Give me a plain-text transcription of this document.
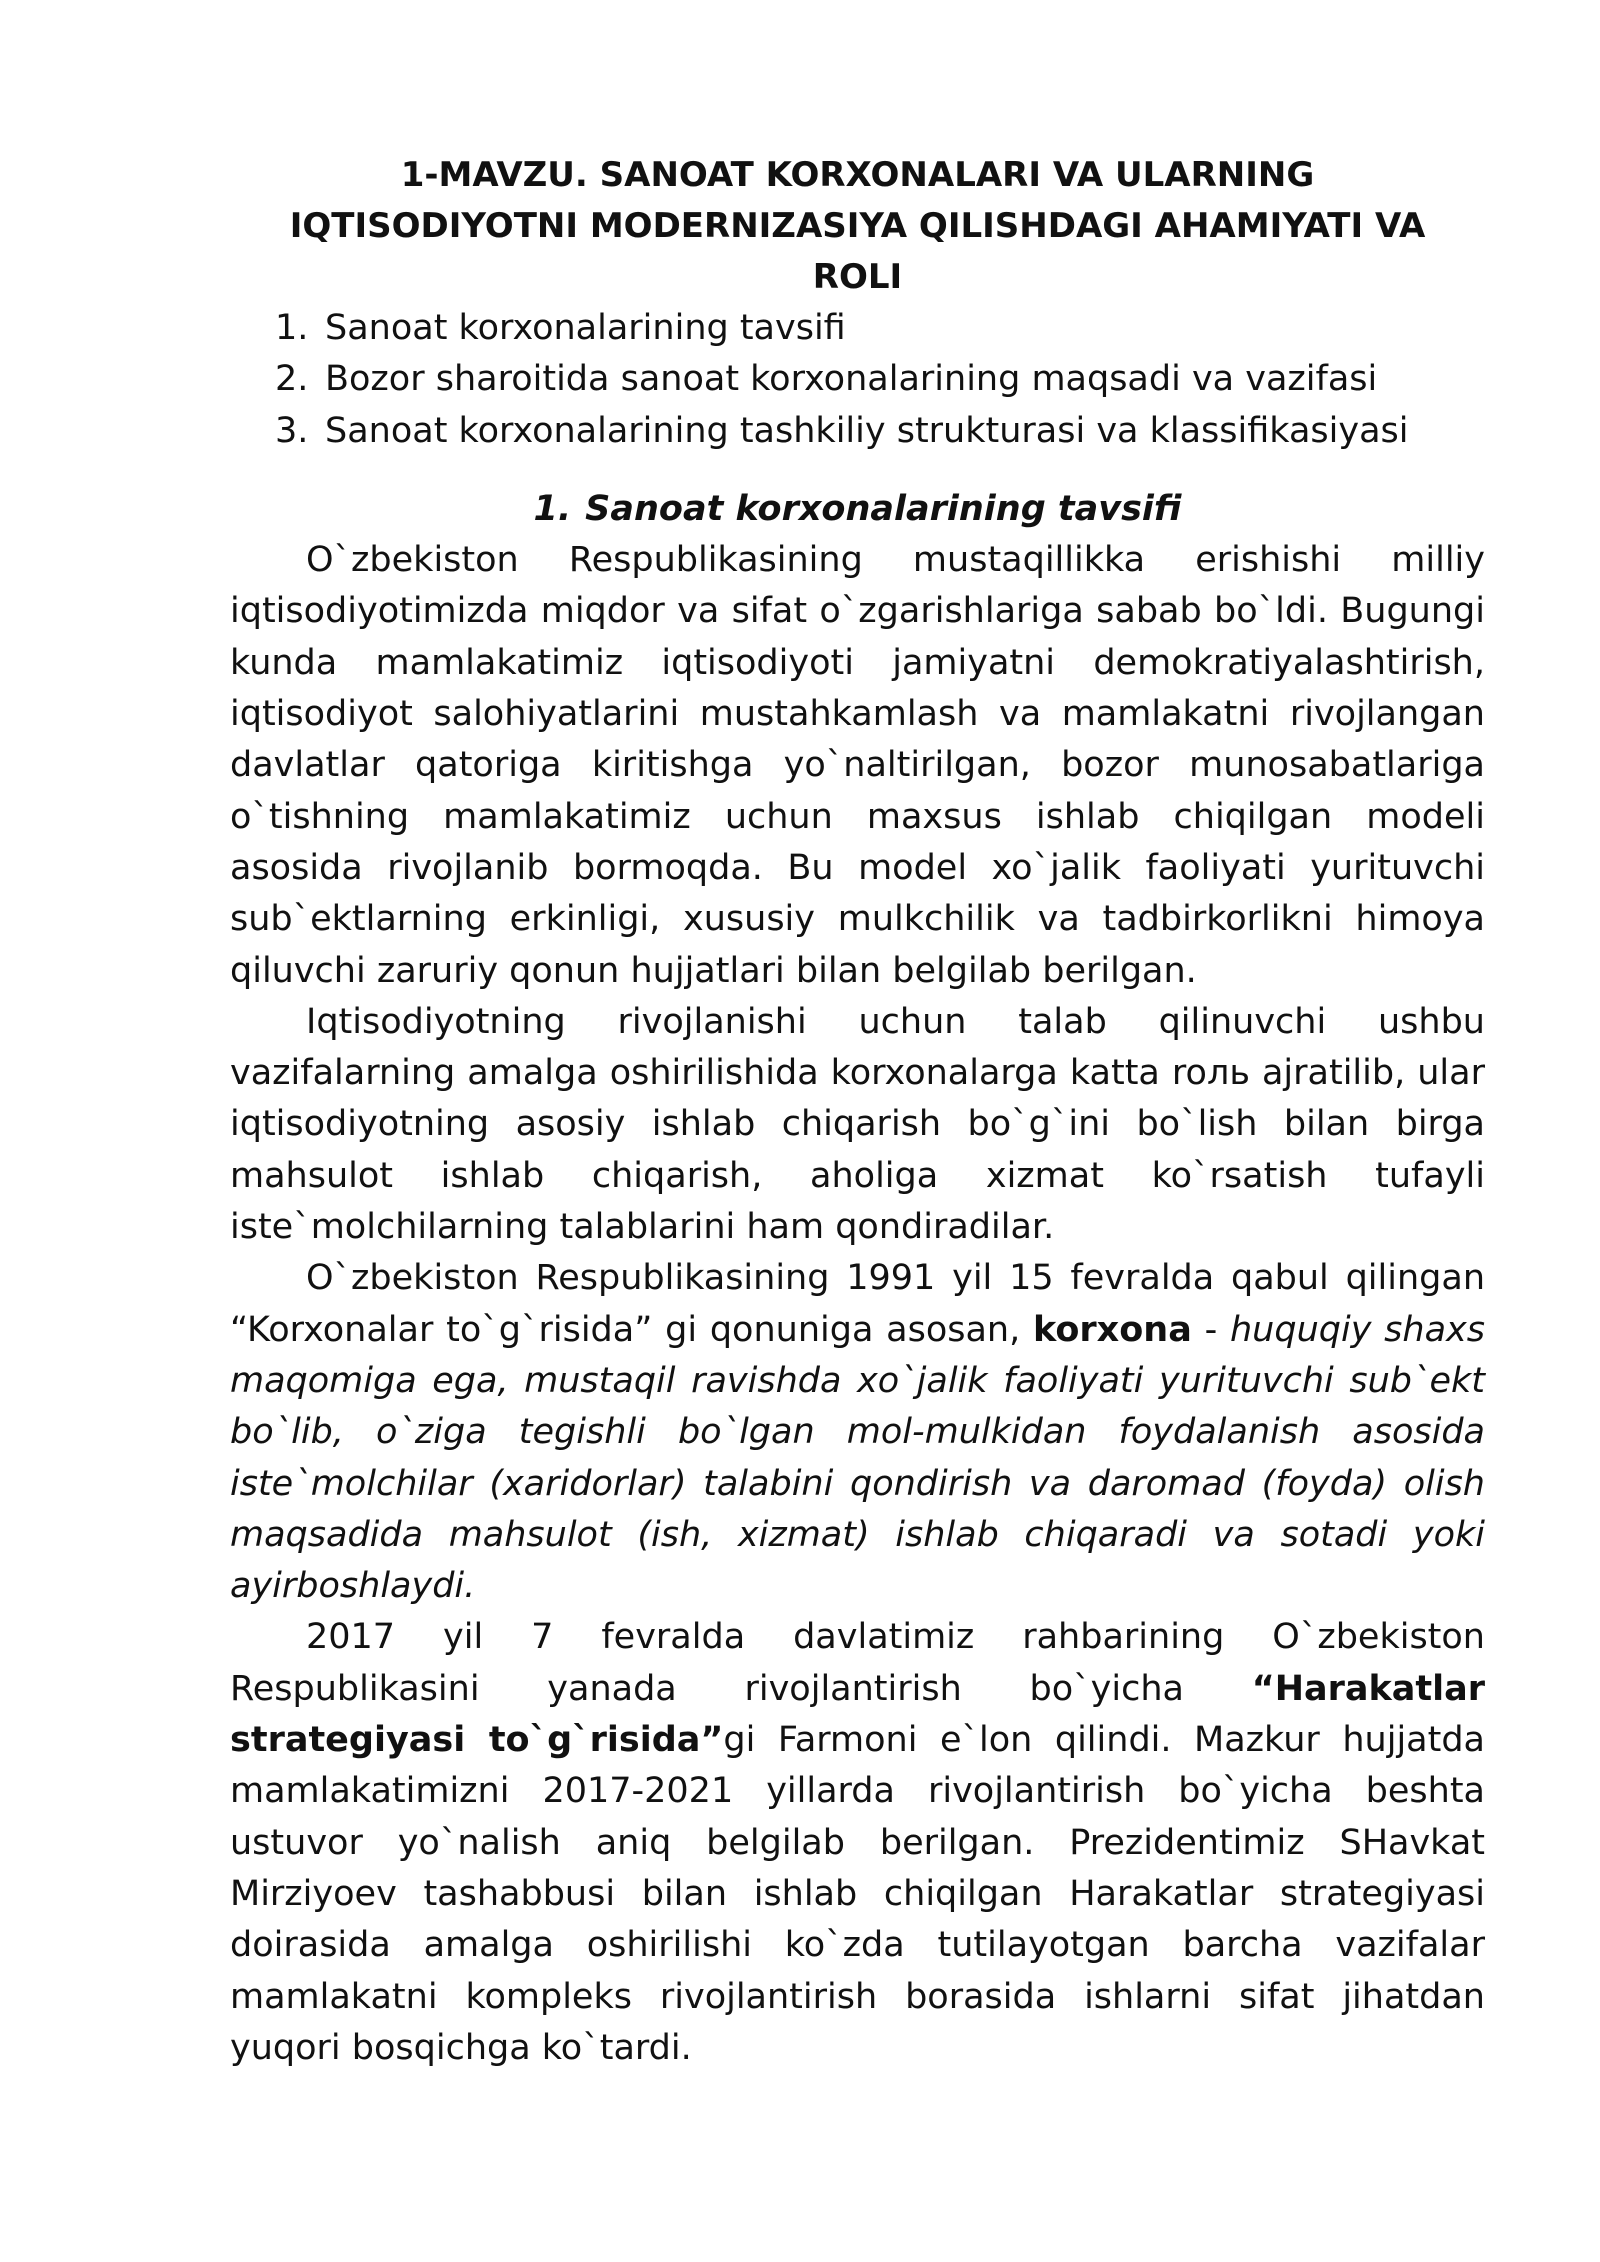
1-MAVZU. SANOAT KORXONALARI VA ULARNING IQTISODIYOTNI MODERNIZASIYA QILISHDAGI AHAMIYATI VA ROLI
1. Sanoat korxonalarining tavsifi
2. Bozor sharoitida sanoat korxonalarining maqsadi va vazifasi
3. Sanoat korxonalarining tashkiliy strukturasi va klassifikasiyasi
1. Sanoat korxonalarining tavsifi

O`zbekiston Respublikasining mustaqillikka erishishi milliy iqtisodiyotimizda miqdor va sifat o`zgarishlariga sabab bo`ldi. Bugungi kunda mamlakatimiz iqtisodiyoti jamiyatni demokratiyalashtirish, iqtisodiyot salohiyatlarini mustahkamlash va mamlakatni rivojlangan davlatlar qatoriga kiritishga yo`naltirilgan, bozor munosabatlariga o`tishning mamlakatimiz uchun maxsus ishlab chiqilgan modeli asosida rivojlanib bormoqda. Bu model xo`jalik faoliyati yurituvchi sub`ektlarning erkinligi, xususiy mulkchilik va tadbirkorlikni himoya qiluvchi zaruriy qonun hujjatlari bilan belgilab berilgan.

Iqtisodiyotning rivojlanishi uchun talab qilinuvchi ushbu vazifalarning amalga oshirilishida korxonalarga katta roль ajratilib, ular iqtisodiyotning asosiy ishlab chiqarish bo`g`ini bo`lish bilan birga mahsulot ishlab chiqarish, aholiga xizmat ko`rsatish tufayli iste`molchilarning talablarini ham qondiradilar.

O`zbekiston Respublikasining 1991 yil 15 fevralda qabul qilingan “Korxonalar to`g`risida” gi qonuniga asosan, korxona - huquqiy shaxs maqomiga ega, mustaqil ravishda xo`jalik faoliyati yurituvchi sub`ekt bo`lib, o`ziga tegishli bo`lgan mol-mulkidan foydalanish asosida iste`molchilar (xaridorlar) talabini qondirish va daromad (foyda) olish maqsadida mahsulot (ish, xizmat) ishlab chiqaradi va sotadi yoki ayirboshlaydi.

2017 yil 7 fevralda davlatimiz rahbarining O`zbekiston Respublikasini yanada rivojlantirish bo`yicha “Harakatlar strategiyasi to`g`risida”gi Farmoni e`lon qilindi. Mazkur hujjatda mamlakatimizni 2017-2021 yillarda rivojlantirish bo`yicha beshta ustuvor yo`nalish aniq belgilab berilgan. Prezidentimiz SHavkat Mirziyoev tashabbusi bilan ishlab chiqilgan Harakatlar strategiyasi doirasida amalga oshirilishi ko`zda tutilayotgan barcha vazifalar mamlakatni kompleks rivojlantirish borasida ishlarni sifat jihatdan yuqori bosqichga ko`tardi.
